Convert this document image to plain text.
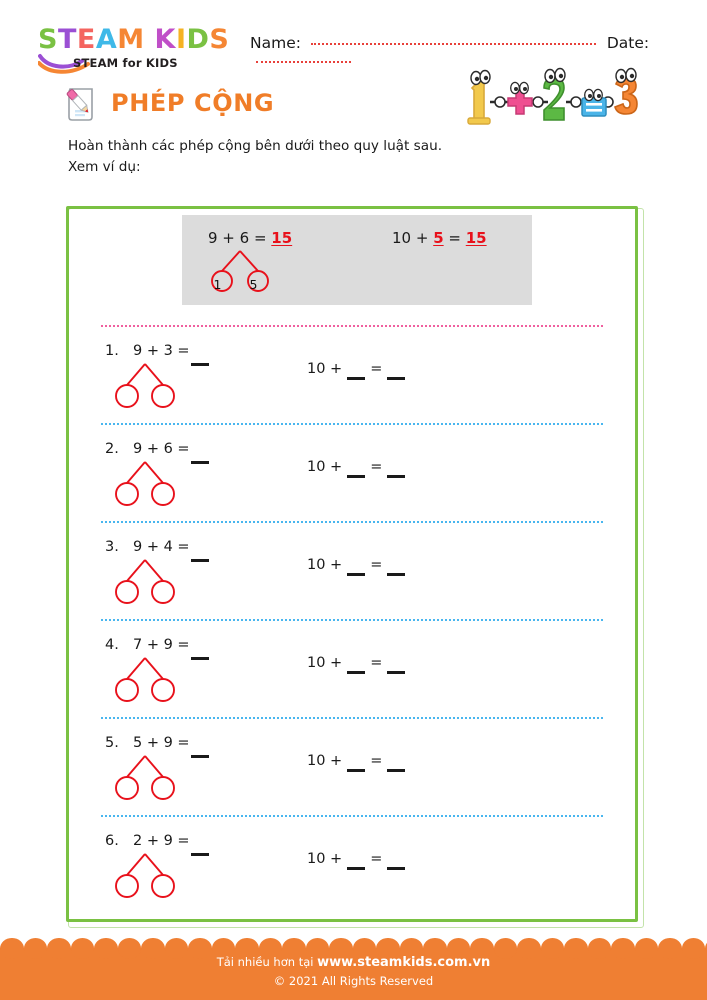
STEAM KIDS
STEAM for KIDS
Name:	Date:
PHÉP CỘNG
Hoàn thành các phép cộng bên dưới theo quy luật sau.
Xem ví dụ:
9 + 6 = 15
1	5
10 + 5 = 15
1. 9 + 3 =
10 + =
2. 9 + 6 =
10 + =
3. 9 + 4 =
10 + =
4. 7 + 9 =
10 + =
5. 5 + 9 =
10 + =
6. 2 + 9 =
10 + =
Tải nhiều hơn tại www.steamkids.com.vn
© 2021 All Rights Reserved
